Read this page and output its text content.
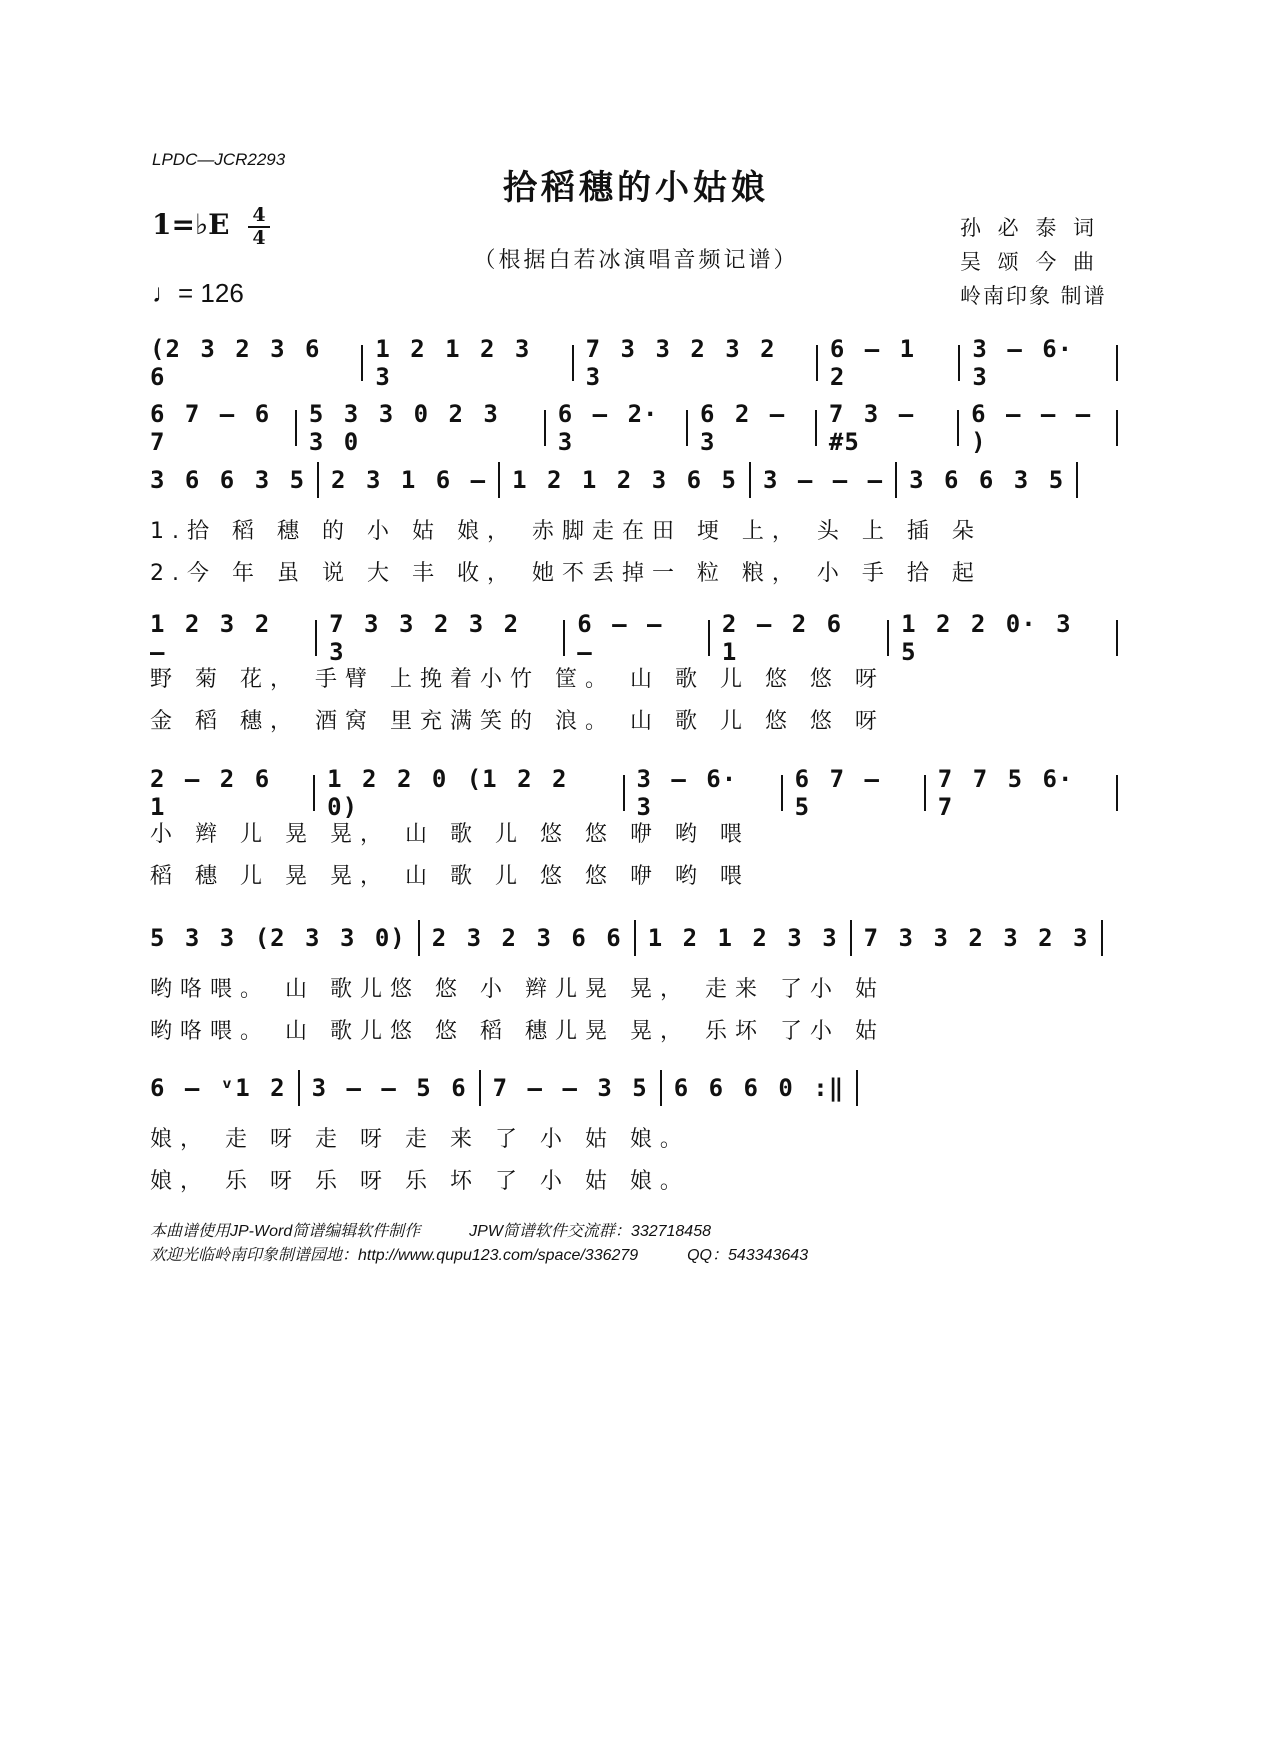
LPDC—JCR2293
拾稻穗的小姑娘
（根据白若冰演唱音频记谱）
1=♭E 4
4
♩= 126
孙 必 泰 词
吴 颂 今 曲
岭南印象 制谱
(2 3 2 3 6 6
1 2 1 2 3 3
7 3 3 2 3 2 3
6 – 1 2
3 – 6· 3
6 7 – 6 7
5 3 3 0 2 3 3 0
6 – 2· 3
6 2 – 3
7 3 – #5
6 – – – )
3 6 6 3 5 2 3 1 6 – 1 2 1 2 3 6 5 3 – – – 3 6 6 3 5
1.拾 稻 穗 的 小 姑 娘， 赤脚走在田 埂 上， 头 上 插 朵
2.今 年 虽 说 大 丰 收， 她不丢掉一 粒 粮， 小 手 拾 起
1 2 3 2 –
7 3 3 2 3 2 3
6 – – –
2 – 2 6 1
1 2 2 0· 3 5
野 菊 花， 手臂 上挽着小竹 筐。 山 歌 儿 悠 悠 呀
金 稻 穗， 酒窝 里充满笑的 浪。 山 歌 儿 悠 悠 呀
2 – 2 6 1
1 2 2 0 (1 2 2 0)
3 – 6· 3
6 7 – 5
7 7 5 6· 7
小 辫 儿 晃 晃， 山 歌 儿 悠 悠 咿 哟 喂
稻 穗 儿 晃 晃， 山 歌 儿 悠 悠 咿 哟 喂
5 3 3 (2 3 3 0) 2 3 2 3 6 6 1 2 1 2 3 3 7 3 3 2 3 2 3
哟咯喂。 山 歌儿悠 悠 小 辫儿晃 晃， 走来 了小 姑
哟咯喂。 山 歌儿悠 悠 稻 穗儿晃 晃， 乐坏 了小 姑
6 – ᵛ1 2 3 – – 5 6 7 – – 3 5 6 6 6 0 :‖
娘， 走 呀 走 呀 走 来 了 小 姑 娘。
娘， 乐 呀 乐 呀 乐 坏 了 小 姑 娘。
本曲谱使用JP-Word简谱编辑软件制作	JPW简谱软件交流群：332718458
欢迎光临岭南印象制谱园地：http://www.qupu123.com/space/336279	QQ：543343643
